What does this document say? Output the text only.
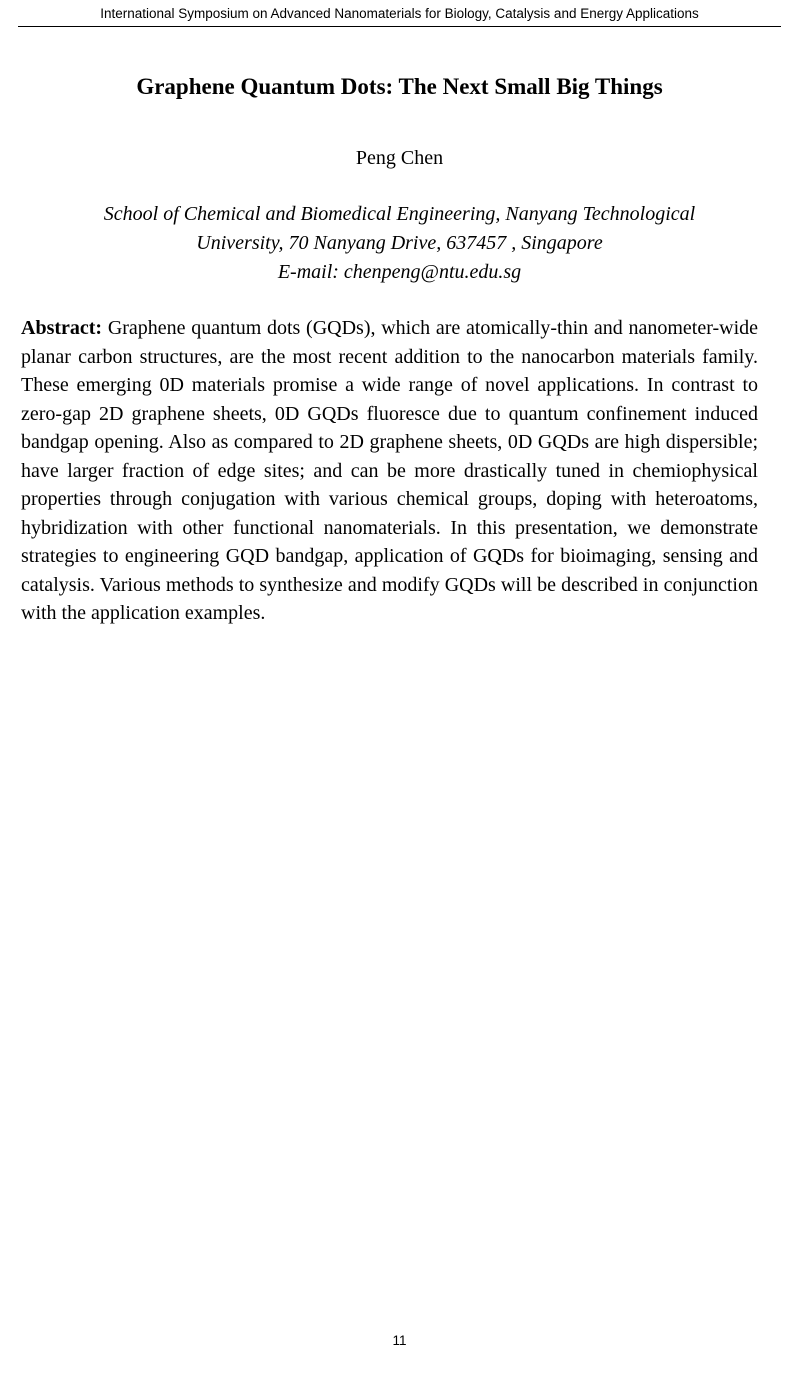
International Symposium on Advanced Nanomaterials for Biology, Catalysis and Energy Applications
Graphene Quantum Dots: The Next Small Big Things
Peng Chen
School of Chemical and Biomedical Engineering, Nanyang Technological
University, 70 Nanyang Drive, 637457 , Singapore
E-mail: chenpeng@ntu.edu.sg

Abstract: Graphene quantum dots (GQDs), which are atomically-thin and nanometer-wide planar carbon structures, are the most recent addition to the nanocarbon materials family. These emerging 0D materials promise a wide range of novel applications. In contrast to zero-gap 2D graphene sheets, 0D GQDs fluoresce due to quantum confinement induced bandgap opening. Also as compared to 2D graphene sheets, 0D GQDs are high dispersible; have larger fraction of edge sites; and can be more drastically tuned in chemiophysical properties through conjugation with various chemical groups, doping with heteroatoms, hybridization with other functional nanomaterials. In this presentation, we demonstrate strategies to engineering GQD bandgap, application of GQDs for bioimaging, sensing and catalysis. Various methods to synthesize and modify GQDs will be described in conjunction with the application examples.

11
